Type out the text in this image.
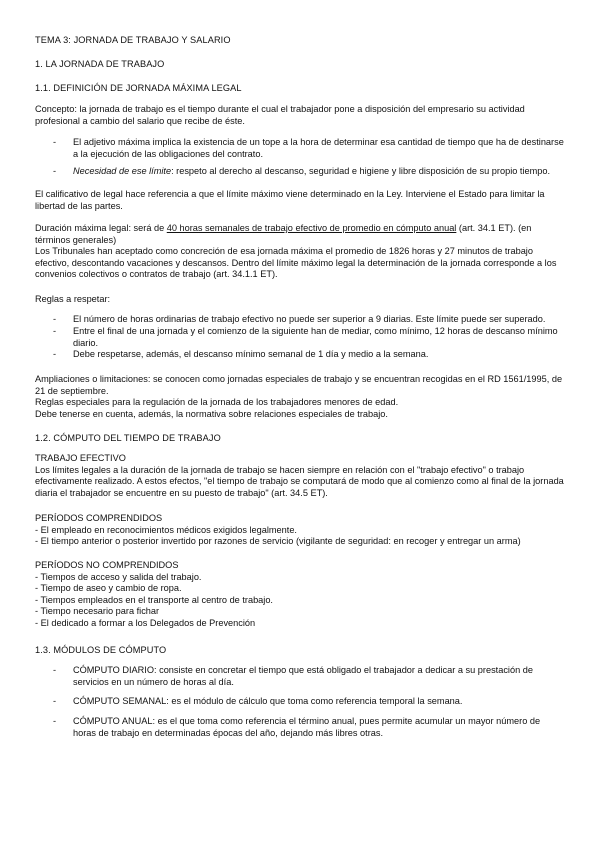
TEMA 3: JORNADA DE TRABAJO Y SALARIO

1. LA JORNADA DE TRABAJO

1.1. DEFINICIÓN DE JORNADA MÁXIMA LEGAL

Concepto: la jornada de trabajo es el tiempo durante el cual el trabajador pone a disposición del empresario su actividad profesional a cambio del salario que recibe de éste.

- El adjetivo máxima implica la existencia de un tope a la hora de determinar esa cantidad de tiempo que ha de destinarse a la ejecución de las obligaciones del contrato.
- Necesidad de ese límite: respeto al derecho al descanso, seguridad e higiene y libre disposición de su propio tiempo.

El calificativo de legal hace referencia a que el límite máximo viene determinado en la Ley. Interviene el Estado para limitar la libertad de las partes.

Duración máxima legal: será de 40 horas semanales de trabajo efectivo de promedio en cómputo anual (art. 34.1 ET). (en términos generales)

Los Tribunales han aceptado como concreción de esa jornada máxima el promedio de 1826 horas y 27 minutos de trabajo efectivo, descontando vacaciones y descansos. Dentro del límite máximo legal la determinación de la jornada corresponde a los convenios colectivos o contratos de trabajo (art. 34.1.1 ET).

Reglas a respetar:

- El número de horas ordinarias de trabajo efectivo no puede ser superior a 9 diarias. Este límite puede ser superado.
- Entre el final de una jornada y el comienzo de la siguiente han de mediar, como mínimo, 12 horas de descanso mínimo diario.
- Debe respetarse, además, el descanso mínimo semanal de 1 día y medio a la semana.

Ampliaciones o limitaciones: se conocen como jornadas especiales de trabajo y se encuentran recogidas en el RD 1561/1995, de 21 de septiembre.

Reglas especiales para la regulación de la jornada de los trabajadores menores de edad.

Debe tenerse en cuenta, además, la normativa sobre relaciones especiales de trabajo.

1.2. CÓMPUTO DEL TIEMPO DE TRABAJO

TRABAJO EFECTIVO

Los límites legales a la duración de la jornada de trabajo se hacen siempre en relación con el "trabajo efectivo" o trabajo efectivamente realizado. A estos efectos, "el tiempo de trabajo se computará de modo que al comienzo como al final de la jornada diaria el trabajador se encuentre en su puesto de trabajo" (art. 34.5 ET).

PERÍODOS COMPRENDIDOS

- El empleado en reconocimientos médicos exigidos legalmente.

- El tiempo anterior o posterior invertido por razones de servicio (vigilante de seguridad: en recoger y entregar un arma)

PERÍODOS NO COMPRENDIDOS

- Tiempos de acceso y salida del trabajo.

- Tiempo de aseo y cambio de ropa.

- Tiempos empleados en el transporte al centro de trabajo.

- Tiempo necesario para fichar

- El dedicado a formar a los Delegados de Prevención

1.3. MÓDULOS DE CÓMPUTO

- CÓMPUTO DIARIO: consiste en concretar el tiempo que está obligado el trabajador a dedicar a su prestación de servicios en un número de horas al día.
- CÓMPUTO SEMANAL: es el módulo de cálculo que toma como referencia temporal la semana.
- CÓMPUTO ANUAL: es el que toma como referencia el término anual, pues permite acumular un mayor número de horas de trabajo en determinadas épocas del año, dejando más libres otras.
